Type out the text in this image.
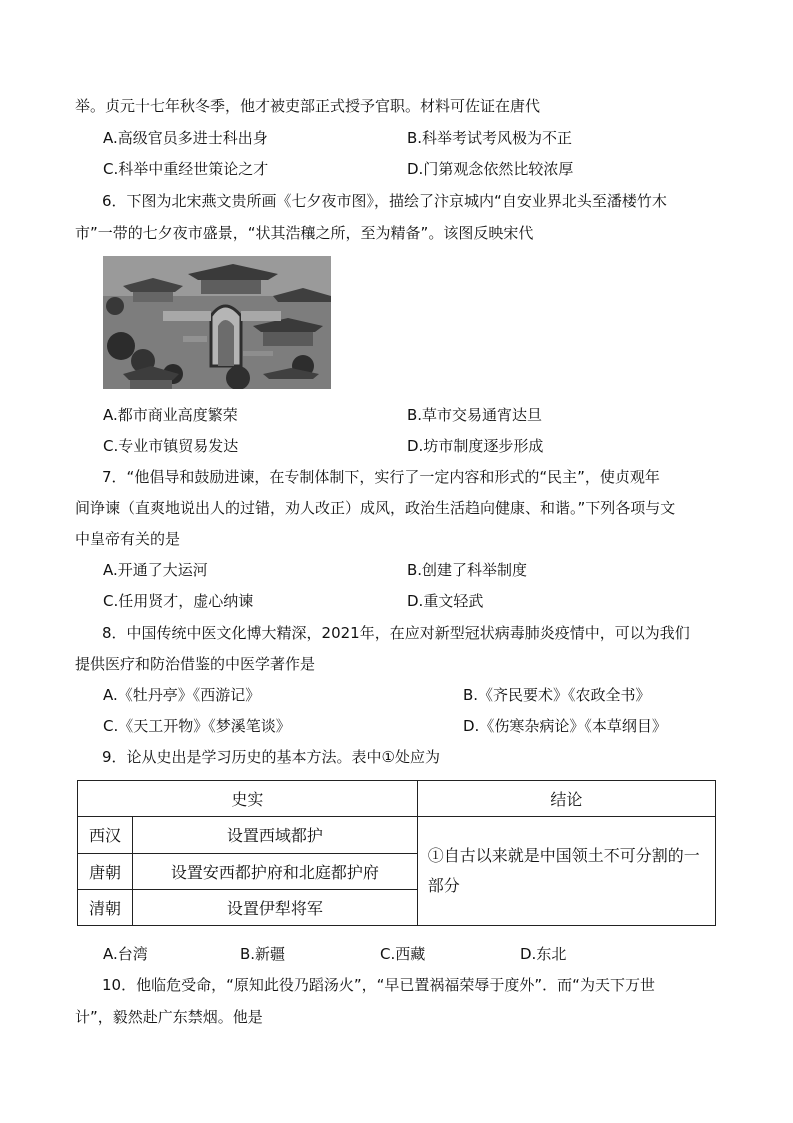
举。贞元十七年秋冬季，他才被吏部正式授予官职。材料可佐证在唐代
A.高级官员多进士科出身	B.科举考试考风极为不正
C.科举中重经世策论之才	D.门第观念依然比较浓厚
6．下图为北宋燕文贵所画《七夕夜市图》，描绘了汴京城内“自安业界北头至潘楼竹木
市”一带的七夕夜市盛景，“状其浩穰之所，至为精备”。该图反映宋代
A.都市商业高度繁荣	B.草市交易通宵达旦
C.专业市镇贸易发达	D.坊市制度逐步形成
7．“他倡导和鼓励进谏，在专制体制下，实行了一定内容和形式的“民主”，使贞观年
间诤谏（直爽地说出人的过错，劝人改正）成风，政治生活趋向健康、和谐。”下列各项与文
中皇帝有关的是
A.开通了大运河	B.创建了科举制度
C.任用贤才，虚心纳谏	D.重文轻武
8．中国传统中医文化博大精深，2021年，在应对新型冠状病毒肺炎疫情中，可以为我们
提供医疗和防治借鉴的中医学著作是
A.《牡丹亭》《西游记》	B.《齐民要术》《农政全书》
C.《天工开物》《梦溪笔谈》	D.《伤寒杂病论》《本草纲目》
9．论从史出是学习历史的基本方法。表中①处应为
史实		结论
西汉	设置西域都护	①自古以来就是中国领土不可分割的一部分
唐朝	设置安西都护府和北庭都护府	
清朝	设置伊犁将军	
A.台湾	B.新疆	C.西藏	D.东北
10．他临危受命，“原知此役乃蹈汤火”，“早已置祸福荣辱于度外”．而“为天下万世
计”，毅然赴广东禁烟。他是
